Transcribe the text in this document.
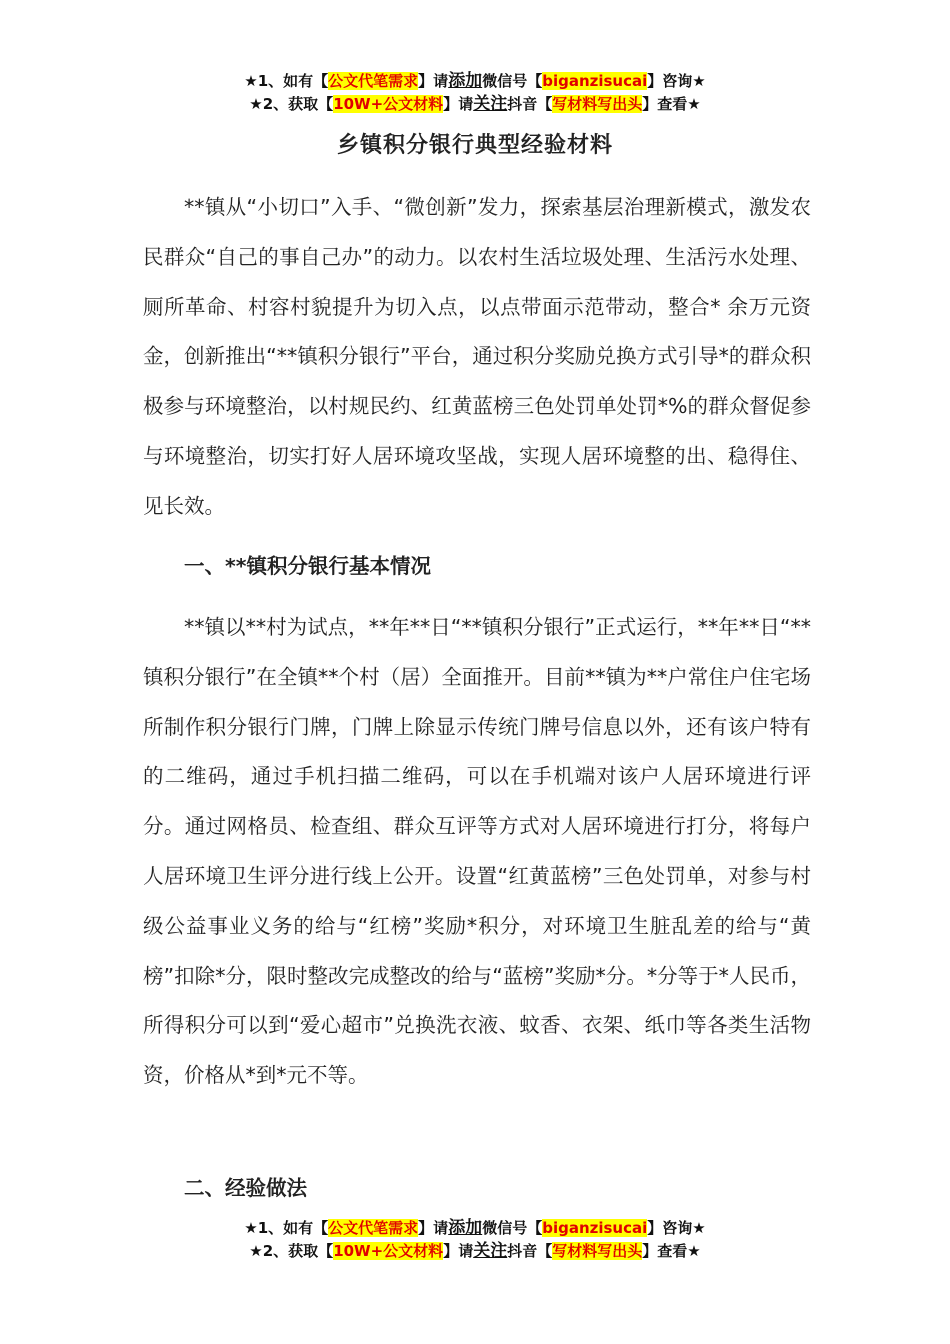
★1、如有【公文代笔需求】请添加微信号【biganzisucai】咨询★
★2、获取【10W+公文材料】请关注抖音【写材料写出头】查看★
乡镇积分银行典型经验材料

**镇从“小切口”入手、“微创新”发力，探索基层治理新模式，激发农民群众“自己的事自己办”的动力。以农村生活垃圾处理、生活污水处理、厕所革命、村容村貌提升为切入点，以点带面示范带动，整合* 余万元资金，创新推出“**镇积分银行”平台，通过积分奖励兑换方式引导*的群众积极参与环境整治，以村规民约、红黄蓝榜三色处罚单处罚*%的群众督促参与环境整治，切实打好人居环境攻坚战，实现人居环境整的出、稳得住、见长效。

一、**镇积分银行基本情况

**镇以**村为试点，**年**日“**镇积分银行”正式运行，**年**日“**镇积分银行”在全镇**个村（居）全面推开。目前**镇为**户常住户住宅场所制作积分银行门牌，门牌上除显示传统门牌号信息以外，还有该户特有的二维码，通过手机扫描二维码，可以在手机端对该户人居环境进行评分。通过网格员、检查组、群众互评等方式对人居环境进行打分，将每户人居环境卫生评分进行线上公开。设置“红黄蓝榜”三色处罚单，对参与村级公益事业义务的给与“红榜”奖励*积分，对环境卫生脏乱差的给与“黄榜”扣除*分，限时整改完成整改的给与“蓝榜”奖励*分。*分等于*人民币，所得积分可以到“爱心超市”兑换洗衣液、蚊香、衣架、纸巾等各类生活物资，价格从*到*元不等。

二、经验做法

★1、如有【公文代笔需求】请添加微信号【biganzisucai】咨询★
★2、获取【10W+公文材料】请关注抖音【写材料写出头】查看★
